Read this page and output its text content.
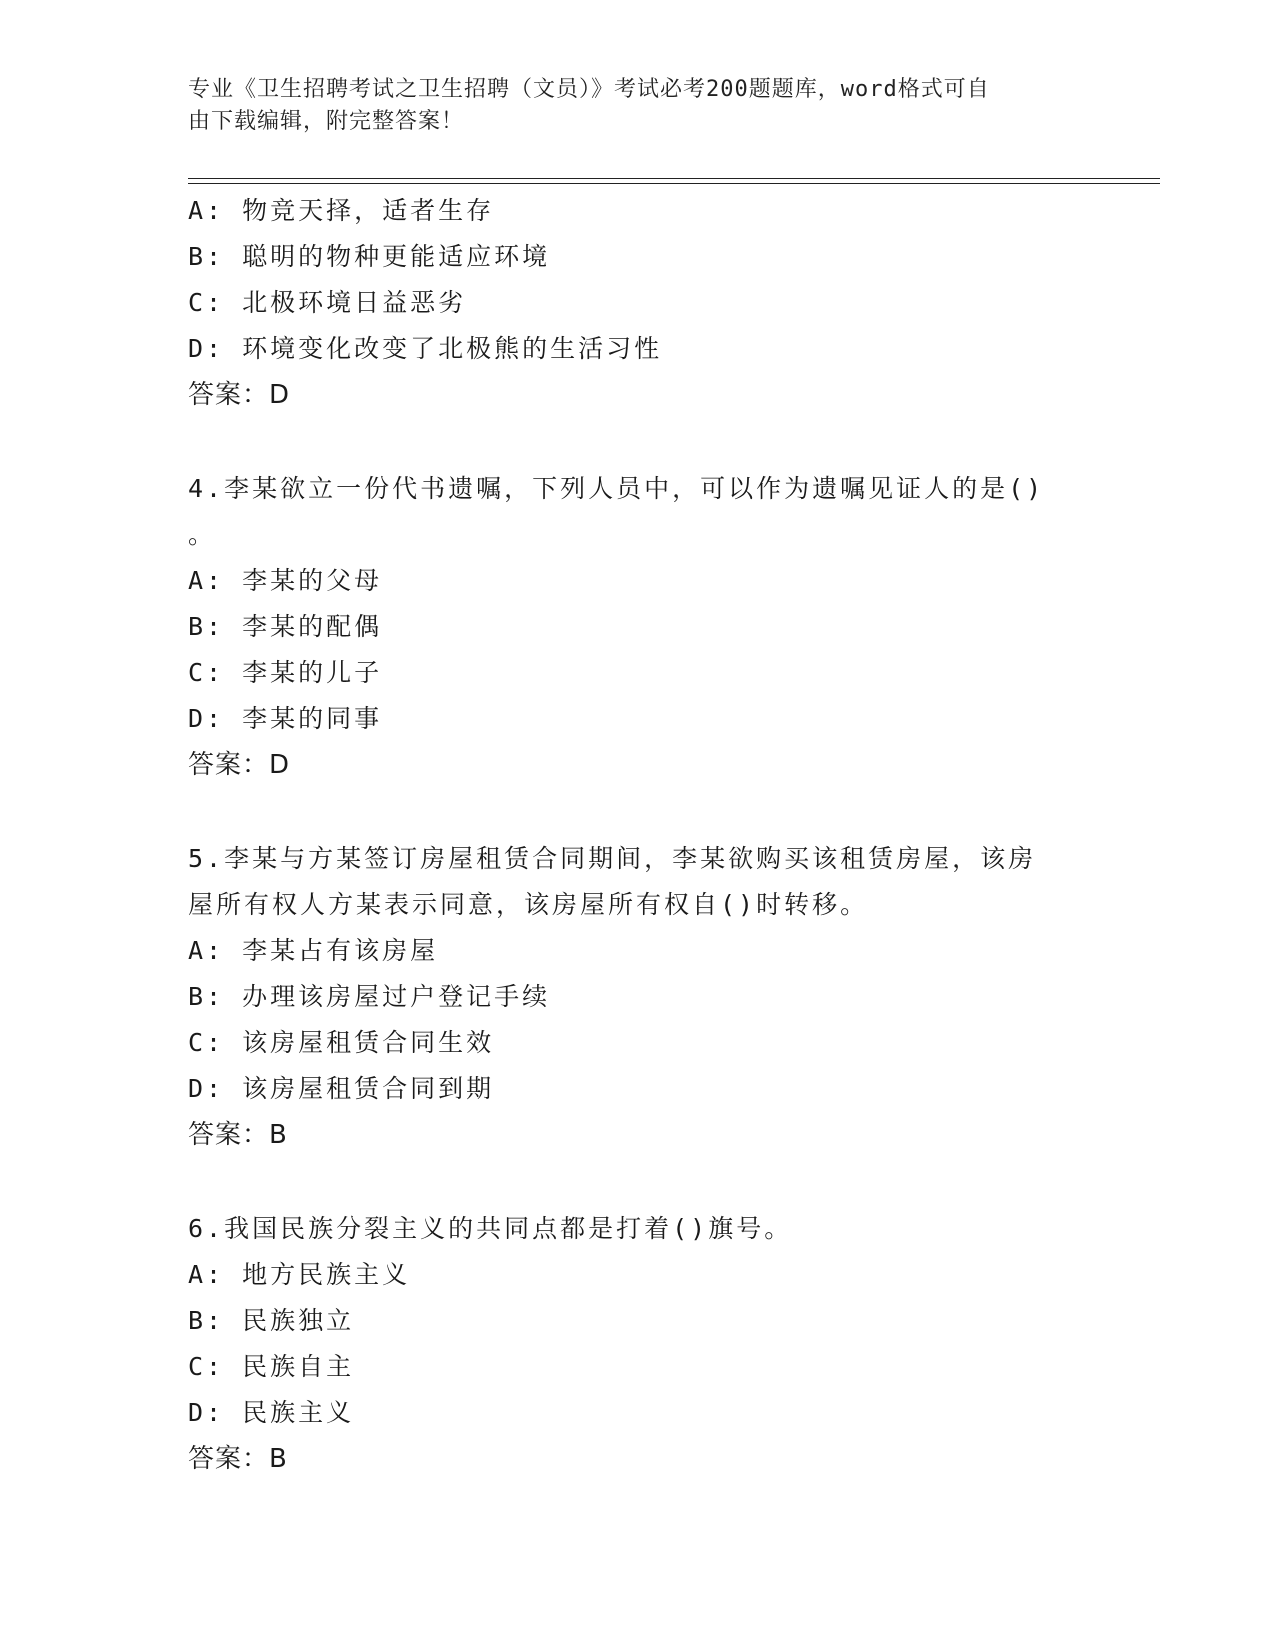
专业《卫生招聘考试之卫生招聘（文员）》考试必考200题题库，word格式可自
由下载编辑，附完整答案！
A: 物竞天择，适者生存
B: 聪明的物种更能适应环境
C: 北极环境日益恶劣
D: 环境变化改变了北极熊的生活习性
答案：D
4.李某欲立一份代书遗嘱，下列人员中，可以作为遗嘱见证人的是()
。
A: 李某的父母
B: 李某的配偶
C: 李某的儿子
D: 李某的同事
答案：D
5.李某与方某签订房屋租赁合同期间，李某欲购买该租赁房屋，该房
屋所有权人方某表示同意，该房屋所有权自()时转移。
A: 李某占有该房屋
B: 办理该房屋过户登记手续
C: 该房屋租赁合同生效
D: 该房屋租赁合同到期
答案：B
6.我国民族分裂主义的共同点都是打着()旗号。
A: 地方民族主义
B: 民族独立
C: 民族自主
D: 民族主义
答案：B
